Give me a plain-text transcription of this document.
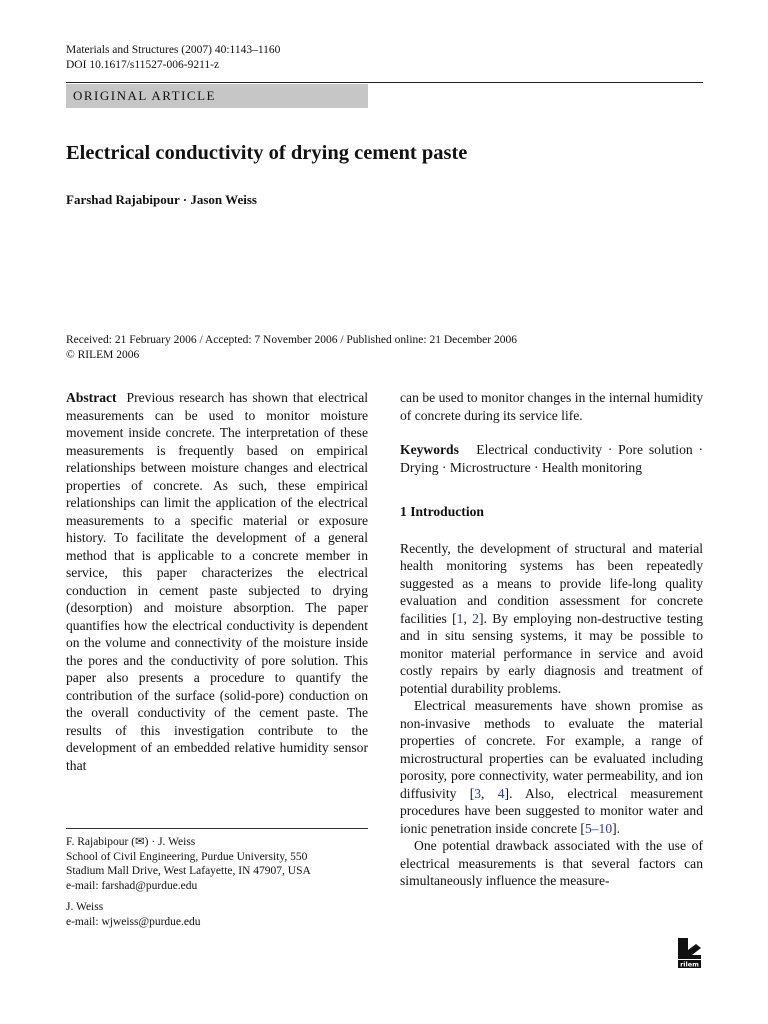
Materials and Structures (2007) 40:1143–1160
DOI 10.1617/s11527-006-9211-z
ORIGINAL ARTICLE
Electrical conductivity of drying cement paste
Farshad Rajabipour · Jason Weiss
Received: 21 February 2006 / Accepted: 7 November 2006 / Published online: 21 December 2006
© RILEM 2006

Abstract Previous research has shown that electrical measurements can be used to monitor moisture movement inside concrete. The interpretation of these measurements is frequently based on empirical relationships between moisture changes and electrical properties of concrete. As such, these empirical relationships can limit the application of the electrical measurements to a specific material or exposure history. To facilitate the development of a general method that is applicable to a concrete member in service, this paper characterizes the electrical conduction in cement paste subjected to drying (desorption) and moisture absorption. The paper quantifies how the electrical conductivity is dependent on the volume and connectivity of the moisture inside the pores and the conductivity of pore solution. This paper also presents a procedure to quantify the contribution of the surface (solid-pore) conduction on the overall conductivity of the cement paste. The results of this investigation contribute to the development of an embedded relative humidity sensor that

can be used to monitor changes in the internal humidity of concrete during its service life.

Keywords Electrical conductivity · Pore solution · Drying · Microstructure · Health monitoring

1 Introduction

Recently, the development of structural and material health monitoring systems has been repeatedly suggested as a means to provide life-long quality evaluation and condition assessment for concrete facilities [1, 2]. By employing non-destructive testing and in situ sensing systems, it may be possible to monitor material performance in service and avoid costly repairs by early diagnosis and treatment of potential durability problems.

Electrical measurements have shown promise as non-invasive methods to evaluate the material properties of concrete. For example, a range of microstructural properties can be evaluated including porosity, pore connectivity, water permeability, and ion diffusivity [3, 4]. Also, electrical measurement procedures have been suggested to monitor water and ionic penetration inside concrete [5–10].

One potential drawback associated with the use of electrical measurements is that several factors can simultaneously influence the measure-

F. Rajabipour (✉) · J. Weiss

School of Civil Engineering, Purdue University, 550

Stadium Mall Drive, West Lafayette, IN 47907, USA

e-mail: farshad@purdue.edu

J. Weiss

e-mail: wjweiss@purdue.edu

rilem
